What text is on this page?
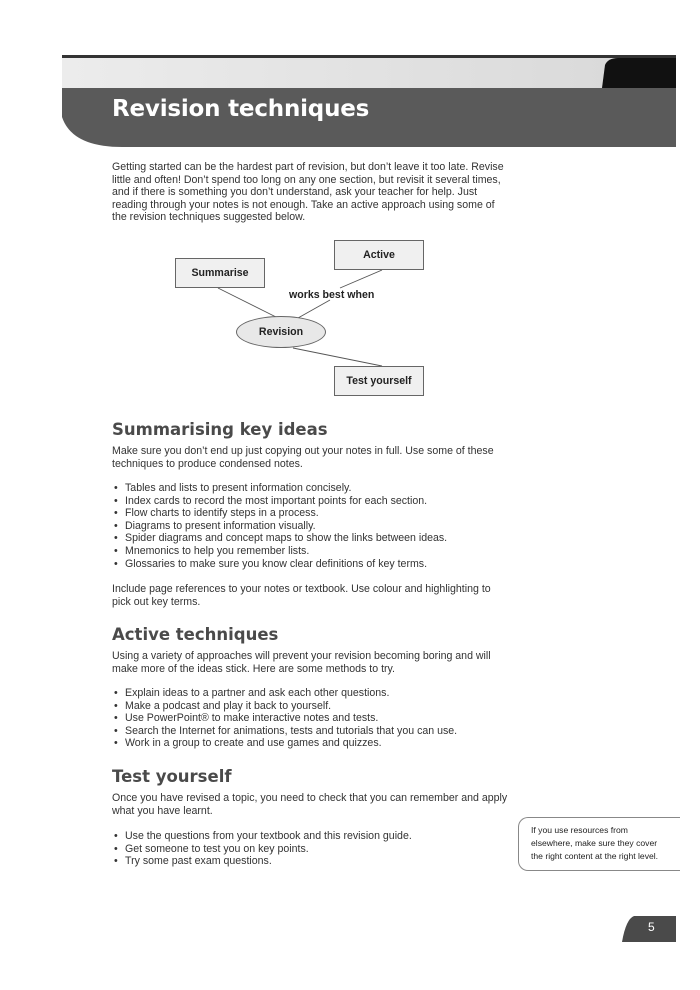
Revision techniques

Getting started can be the hardest part of revision, but don’t leave it too late. Revise little and often! Don’t spend too long on any one section, but revisit it several times, and if there is something you don’t understand, ask your teacher for help. Just reading through your notes is not enough. Take an active approach using some of the revision techniques suggested below.

Summarise
Active
works best when
Revision
Test yourself
Summarising key ideas

Make sure you don’t end up just copying out your notes in full. Use some of these techniques to produce condensed notes.

• Tables and lists to present information concisely.
• Index cards to record the most important points for each section.
• Flow charts to identify steps in a process.
• Diagrams to present information visually.
• Spider diagrams and concept maps to show the links between ideas.
• Mnemonics to help you remember lists.
• Glossaries to make sure you know clear definitions of key terms.

Include page references to your notes or textbook. Use colour and highlighting to pick out key terms.

Active techniques

Using a variety of approaches will prevent your revision becoming boring and will make more of the ideas stick. Here are some methods to try.

• Explain ideas to a partner and ask each other questions.
• Make a podcast and play it back to yourself.
• Use PowerPoint® to make interactive notes and tests.
• Search the Internet for animations, tests and tutorials that you can use.
• Work in a group to create and use games and quizzes.
Test yourself

Once you have revised a topic, you need to check that you can remember and apply what you have learnt.

• Use the questions from your textbook and this revision guide.
• Get someone to test you on key points.
• Try some past exam questions.

If you use resources from elsewhere, make sure they cover the right content at the right level.

5
